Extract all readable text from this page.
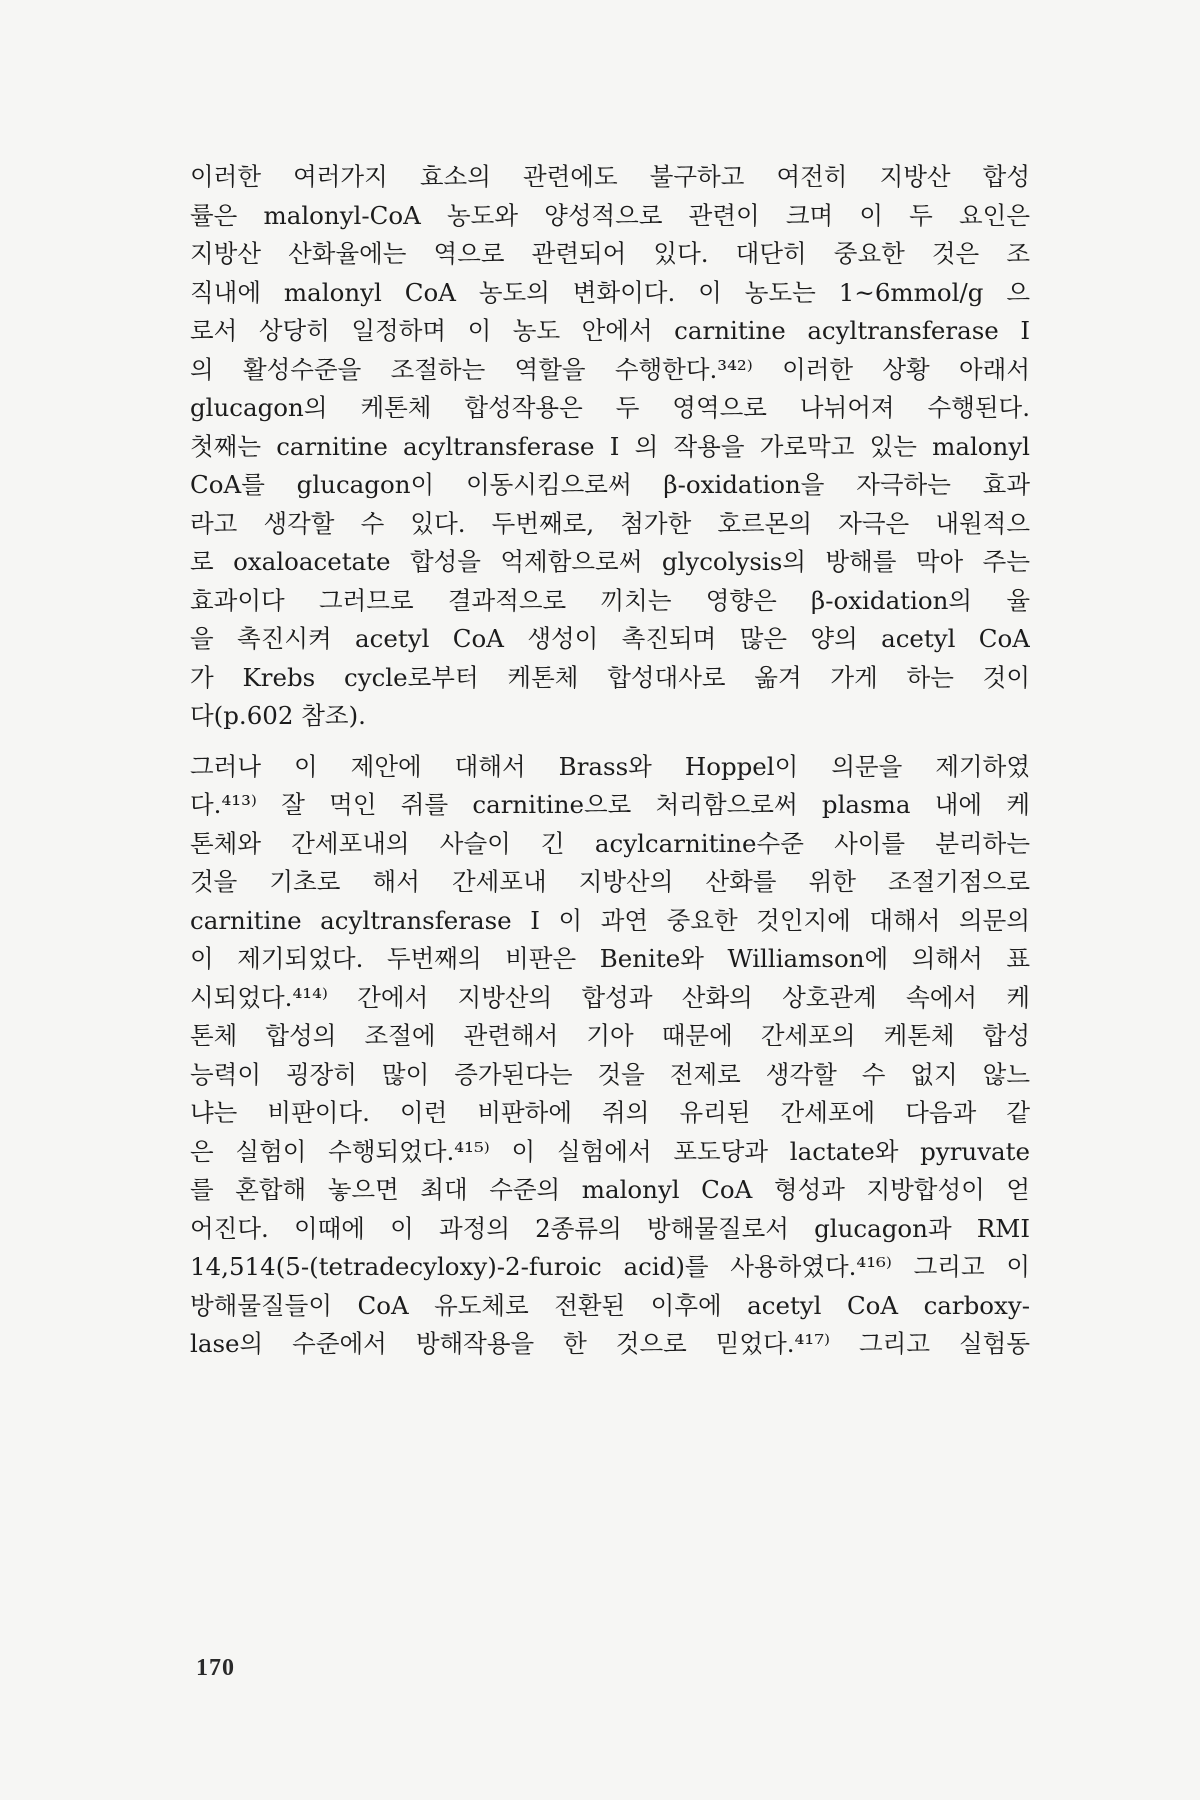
이러한 여러가지 효소의 관련에도 불구하고 여전히 지방산 합성
률은 malonyl-CoA 농도와 양성적으로 관련이 크며 이 두 요인은
지방산 산화율에는 역으로 관련되어 있다. 대단히 중요한 것은 조
직내에 malonyl CoA 농도의 변화이다. 이 농도는 1~6mmol/g 으
로서 상당히 일정하며 이 농도 안에서 carnitine acyltransferase I
의 활성수준을 조절하는 역할을 수행한다.³⁴²⁾ 이러한 상황 아래서
glucagon의 케톤체 합성작용은 두 영역으로 나뉘어져 수행된다.
첫째는 carnitine acyltransferase I 의 작용을 가로막고 있는 malonyl
CoA를 glucagon이 이동시킴으로써 β-oxidation을 자극하는 효과
라고 생각할 수 있다. 두번째로, 첨가한 호르몬의 자극은 내원적으
로 oxaloacetate 합성을 억제함으로써 glycolysis의 방해를 막아 주는
효과이다 그러므로 결과적으로 끼치는 영향은 β-oxidation의 율
을 촉진시켜 acetyl CoA 생성이 촉진되며 많은 양의 acetyl CoA
가 Krebs cycle로부터 케톤체 합성대사로 옮겨 가게 하는 것이
다(p.602 참조).
그러나 이 제안에 대해서 Brass와 Hoppel이 의문을 제기하였
다.⁴¹³⁾ 잘 먹인 쥐를 carnitine으로 처리함으로써 plasma 내에 케
톤체와 간세포내의 사슬이 긴 acylcarnitine수준 사이를 분리하는
것을 기초로 해서 간세포내 지방산의 산화를 위한 조절기점으로
carnitine acyltransferase I 이 과연 중요한 것인지에 대해서 의문의
이 제기되었다. 두번째의 비판은 Benite와 Williamson에 의해서 표
시되었다.⁴¹⁴⁾ 간에서 지방산의 합성과 산화의 상호관계 속에서 케
톤체 합성의 조절에 관련해서 기아 때문에 간세포의 케톤체 합성
능력이 굉장히 많이 증가된다는 것을 전제로 생각할 수 없지 않느
냐는 비판이다. 이런 비판하에 쥐의 유리된 간세포에 다음과 같
은 실험이 수행되었다.⁴¹⁵⁾ 이 실험에서 포도당과 lactate와 pyruvate
를 혼합해 놓으면 최대 수준의 malonyl CoA 형성과 지방합성이 얻
어진다. 이때에 이 과정의 2종류의 방해물질로서 glucagon과 RMI
14,514(5-(tetradecyloxy)-2-furoic acid)를 사용하였다.⁴¹⁶⁾ 그리고 이
방해물질들이 CoA 유도체로 전환된 이후에 acetyl CoA carboxy-
lase의 수준에서 방해작용을 한 것으로 믿었다.⁴¹⁷⁾ 그리고 실험동
170
